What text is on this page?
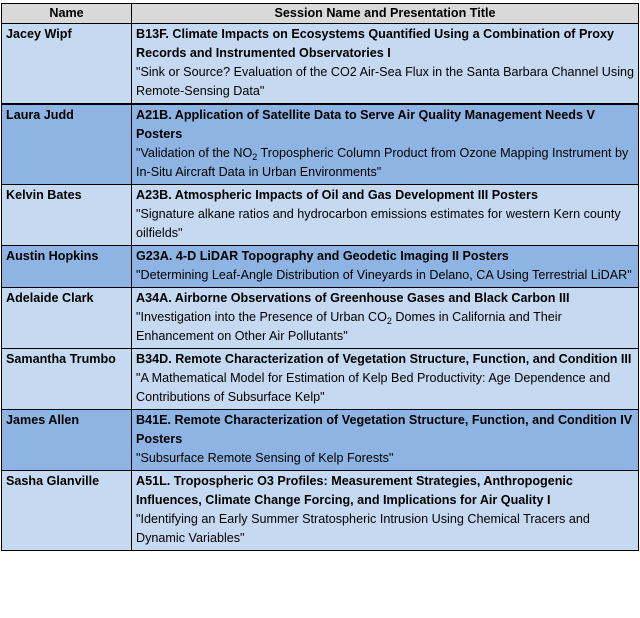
Name	Session Name and Presentation Title
Jacey Wipf	B13F. Climate Impacts on Ecosystems Quantified Using a Combination of Proxy Records and Instrumented Observatories I
"Sink or Source? Evaluation of the CO2 Air-Sea Flux in the Santa Barbara Channel Using Remote-Sensing Data"

Laura Judd	A21B. Application of Satellite Data to Serve Air Quality Management Needs V Posters
"Validation of the $NO_2$ Tropospheric Column Product from Ozone Mapping Instrument by In-Situ Aircraft Data in Urban Environments"

Kelvin Bates	A23B. Atmospheric Impacts of Oil and Gas Development III Posters
"Signature alkane ratios and hydrocarbon emissions estimates for western Kern county oilfields"

Austin Hopkins	G23A. 4-D LiDAR Topography and Geodetic Imaging II Posters
"Determining Leaf-Angle Distribution of Vineyards in Delano, CA Using Terrestrial LiDAR"

Adelaide Clark	A34A. Airborne Observations of Greenhouse Gases and Black Carbon III
"Investigation into the Presence of Urban $CO_2$ Domes in California and Their Enhancement on Other Air Pollutants"

Samantha Trumbo	B34D. Remote Characterization of Vegetation Structure, Function, and Condition III
"A Mathematical Model for Estimation of Kelp Bed Productivity: Age Dependence and Contributions of Subsurface Kelp"

James Allen	B41E. Remote Characterization of Vegetation Structure, Function, and Condition IV Posters
"Subsurface Remote Sensing of Kelp Forests"

Sasha Glanville	A51L. Tropospheric O3 Profiles: Measurement Strategies, Anthropogenic Influences, Climate Change Forcing, and Implications for Air Quality I
"Identifying an Early Summer Stratospheric Intrusion Using Chemical Tracers and Dynamic Variables"
